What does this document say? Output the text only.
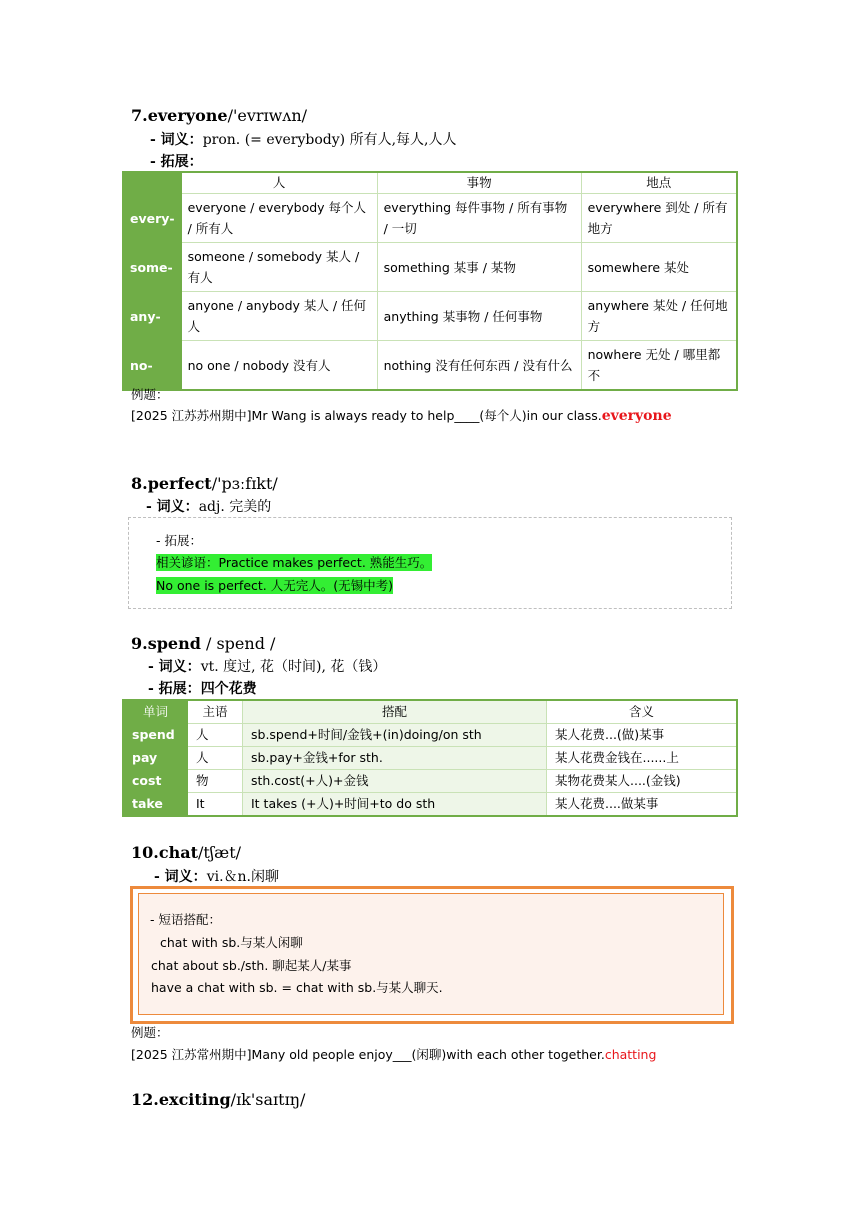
7.everyone/'evrɪwʌn/
- 词义：pron. (= everybody) 所有人,每人,人人
- 拓展：
	人	事物	地点
every-	everyone / everybody 每个人 / 所有人	everything 每件事物 / 所有事物 / 一切	everywhere 到处 / 所有地方
some-	someone / somebody 某人 / 有人	something 某事 / 某物	somewhere 某处
any-	anyone / anybody 某人 / 任何人	anything 某事物 / 任何事物	anywhere 某处 / 任何地方
no-	no one / nobody 没有人	nothing 没有任何东西 / 没有什么	nowhere 无处 / 哪里都不
例题：
[2025 江苏苏州期中]Mr Wang is always ready to help____(每个人)in our class.everyone
8.perfect/'pɜːfɪkt/
- 词义：adj. 完美的
- 拓展：
相关谚语：Practice makes perfect. 熟能生巧。
No one is perfect. 人无完人。(无锡中考)
9.spend / spend /
- 词义：vt. 度过, 花（时间), 花（钱）
- 拓展：四个花费
单词	主语	搭配	含义
spend	人	sb.spend+时间/金钱+(in)doing/on sth	某人花费...(做)某事
pay	人	sb.pay+金钱+for sth.	某人花费金钱在......上
cost	物	sth.cost(+人)+金钱	某物花费某人....(金钱)
take	It	It takes (+人)+时间+to do sth	某人花费....做某事
10.chat/tʃæt/
- 词义：vi.＆n.闲聊
- 短语搭配：
chat with sb.与某人闲聊
chat about sb./sth. 聊起某人/某事
have a chat with sb. = chat with sb.与某人聊天.
例题：
[2025 江苏常州期中]Many old people enjoy___(闲聊)with each other together.chatting
12.exciting/ɪk'saɪtɪŋ/
